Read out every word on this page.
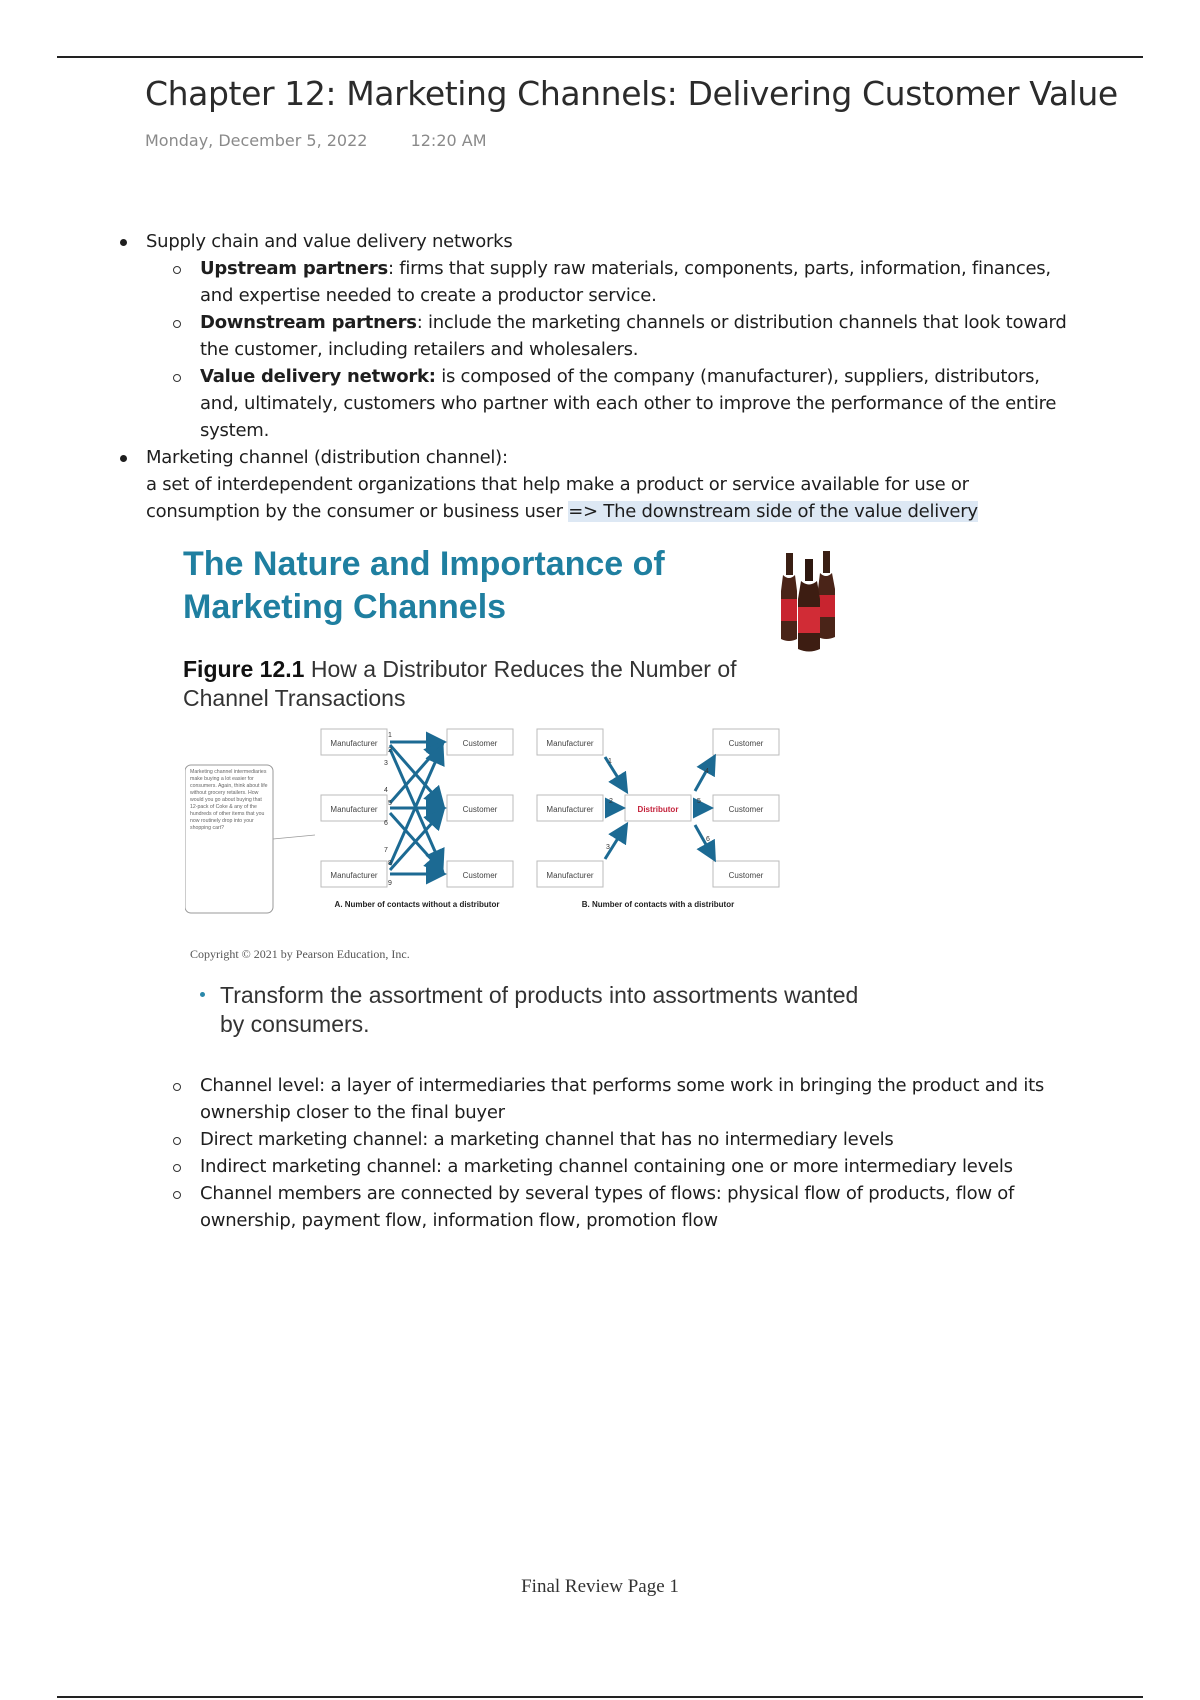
Chapter 12: Marketing Channels: Delivering Customer Value
Monday, December 5, 2022	12:20 AM
Supply chain and value delivery networks
Upstream partners: firms that supply raw materials, components, parts, information, finances, and expertise needed to create a productor service.
Downstream partners: include the marketing channels or distribution channels that look toward the customer, including retailers and wholesalers.
Value delivery network: is composed of the company (manufacturer), suppliers, distributors, and, ultimately, customers who partner with each other to improve the performance of the entire system.
Marketing channel (distribution channel):
a set of interdependent organizations that help make a product or service available for use or consumption by the consumer or business user => The downstream side of the value delivery
The Nature and Importance of
Marketing Channels
Figure 12.1 How a Distributor Reduces the Number of Channel Transactions
Marketing channel intermediaries make buying a lot easier for consumers. Again, think about life without grocery retailers. How would you go about buying that 12-pack of Coke & any of the hundreds of other items that you now routinely drop into your shopping cart?
Manufacturer
Manufacturer
Manufacturer
Customer
Customer
Customer
1
2
3
4
5
6
7
8
9
A. Number of contacts without a distributor
Manufacturer
Manufacturer
Manufacturer
Distributor
Customer
Customer
Customer
1
2
3
4
5
6
B. Number of contacts with a distributor
Copyright © 2021 by Pearson Education, Inc.
Transform the assortment of products into assortments wanted by consumers.
Channel level: a layer of intermediaries that performs some work in bringing the product and its ownership closer to the final buyer
Direct marketing channel: a marketing channel that has no intermediary levels
Indirect marketing channel: a marketing channel containing one or more intermediary levels
Channel members are connected by several types of flows: physical flow of products, flow of ownership, payment flow, information flow, promotion flow
Final Review Page 1
